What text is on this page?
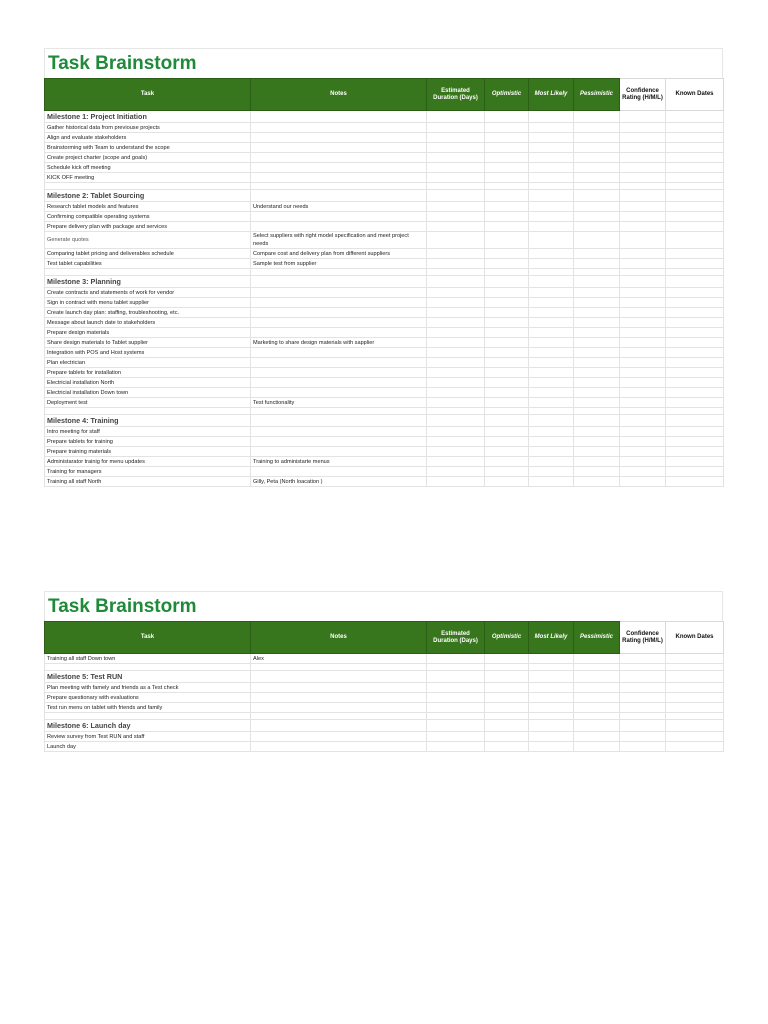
Task Brainstorm
Task	Notes	Estimated Duration (Days)	Optimistic	Most Likely	Pessimistic	Confidence Rating (H/M/L)	Known Dates
Milestone 1: Project Initiation							
Gather historical data from previouse projects							
Align and evaluate stakeholders							
Brainstorming with Team to understand the scope							
Create project charter (scope and goals)							
Schedule kick off meeting							
KICK OFF meeting							

Milestone 2: Tablet Sourcing							
Research tablet models and features	Understand our needs						
Confirming compatible operating systems							
Prepare delivery plan with package and services							
Generate quotes	Select suppliers with right model specification and meet project needs						
Comparing tablet pricing and deliverables schedule	Compare cost and delivery plan from different suppliers						
Test tablet capabilities	Sample test from supplier						

Milestone 3: Planning							
Create contracts and statements of work for vendor							
Sign in contract with menu tablet supplier							
Create launch day plan: staffing, troubleshooting, etc.							
Message about launch date to stakeholders							
Prepare design materials							
Share design materials to Tablet supplier	Marketing to share design materials with sapplier						
Integration with POS and Host systems							
Plan electrician							
Prepare tablets for installation							
Electricial installation North							
Electricial installation Down town							
Deployment test	Test functionality						

Milestone 4: Training							
Intro meeting for staff							
Prepare tablets for training							
Prepare training materials							
Administarator trainig for menu updates	Training to administarte menus						
Training for managers							
Training all staff North	Gilly, Peta (North loacation )						
Task Brainstorm
Task	Notes	Estimated Duration (Days)	Optimistic	Most Likely	Pessimistic	Confidence Rating (H/M/L)	Known Dates
Training all staff Down town	Alex						

Milestone 5: Test RUN							
Plan meeting with famely and friends as a Test check							
Prepare questionary with evaluations							
Test run menu on tablet with friends and family							

Milestone 6: Launch day							
Review survey from Test RUN and staff							
Launch day							
